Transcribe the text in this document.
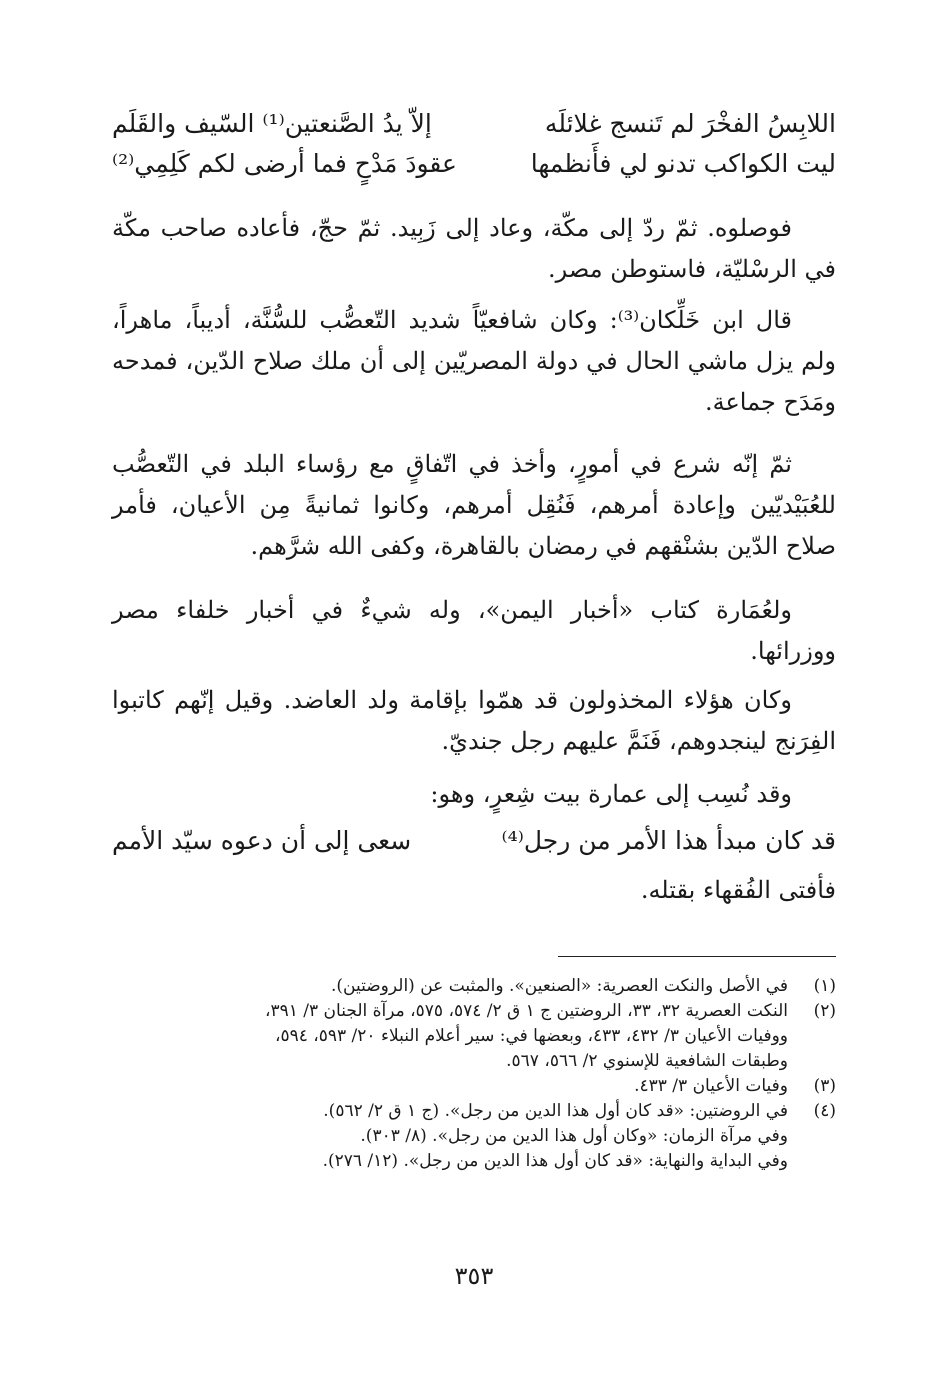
اللابِسُ الفخْرَ لم تَنسج غلائلَه
إلاّ يدُ الصَّنعتين⁽¹⁾ السّيف والقَلَم
ليت الكواكب تدنو لي فأَنظمها
عقودَ مَدْحٍ فما أرضى لكم كَلِمِي⁽²⁾

فوصلوه. ثمّ ردّ إلى مكّة، وعاد إلى زَبِيد. ثمّ حجّ، فأعاده صاحب مكّة في الرسْليّة، فاستوطن مصر.

قال ابن خَلِّكان⁽³⁾: وكان شافعيّاً شديد التّعصُّب للسُّنَّة، أديباً، ماهراً، ولم يزل ماشي الحال في دولة المصريّين إلى أن ملك صلاح الدّين، فمدحه ومَدَح جماعة.

ثمّ إنّه شرع في أمورٍ، وأخذ في اتّفاقٍ مع رؤساء البلد في التّعصُّب للعُبَيْديّين وإعادة أمرهم، فَنُقِل أمرهم، وكانوا ثمانيةً مِن الأعيان، فأمر صلاح الدّين بشنْقهم في رمضان بالقاهرة، وكفى الله شرَّهم.

ولعُمَارة كتاب «أخبار اليمن»، وله شيءٌ في أخبار خلفاء مصر ووزرائها.

وكان هؤلاء المخذولون قد همّوا بإقامة ولد العاضد. وقيل إنّهم كاتبوا الفِرَنج لينجدوهم، فَنَمَّ عليهم رجل جنديّ.

وقد نُسِب إلى عمارة بيت شِعرٍ، وهو:

قد كان مبدأ هذا الأمر من رجل⁽⁴⁾
سعى إلى أن دعوه سيّد الأمم

فأفتى الفُقهاء بقتله.

(١)
في الأصل والنكت العصرية: «الصنعين». والمثبت عن (الروضتين).
(٢)
النكت العصرية ٣٢، ٣٣، الروضتين ج ١ ق ٢/ ٥٧٤، ٥٧٥، مرآة الجنان ٣/ ٣٩١،
ووفيات الأعيان ٣/ ٤٣٢، ٤٣٣، وبعضها في: سير أعلام النبلاء ٢٠/ ٥٩٣، ٥٩٤،
وطبقات الشافعية للإسنوي ٢/ ٥٦٦، ٥٦٧.
(٣)
وفيات الأعيان ٣/ ٤٣٣.
(٤)
في الروضتين: «قد كان أول هذا الدين من رجل». (ج ١ ق ٢/ ٥٦٢).
وفي مرآة الزمان: «وكان أول هذا الدين من رجل». (٨/ ٣٠٣).
وفي البداية والنهاية: «قد كان أول هذا الدين من رجل». (١٢/ ٢٧٦).
٣٥٣
